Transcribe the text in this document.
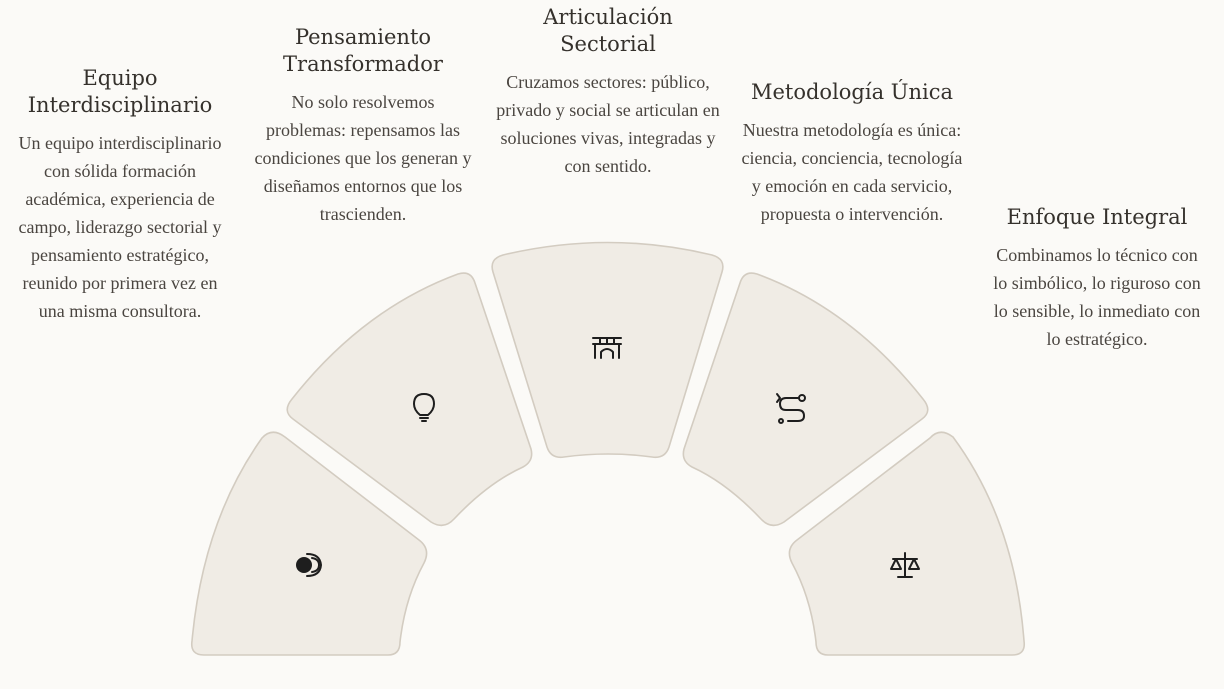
Equipo Interdisciplinario

Un equipo interdisciplinario con sólida formación académica, experiencia de campo, liderazgo sectorial y pensamiento estratégico, reunido por primera vez en una misma consultora.

Pensamiento Transformador

No solo resolvemos problemas: repensamos las condiciones que los generan y diseñamos entornos que los trascienden.

Articulación Sectorial

Cruzamos sectores: público, privado y social se articulan en soluciones vivas, integradas y con sentido.

Metodología Única

Nuestra metodología es única: ciencia, conciencia, tecnología y emoción en cada servicio, propuesta o intervención.	Enfoque Integral

Combinamos lo técnico con lo simbólico, lo riguroso con lo sensible, lo inmediato con lo estratégico.
